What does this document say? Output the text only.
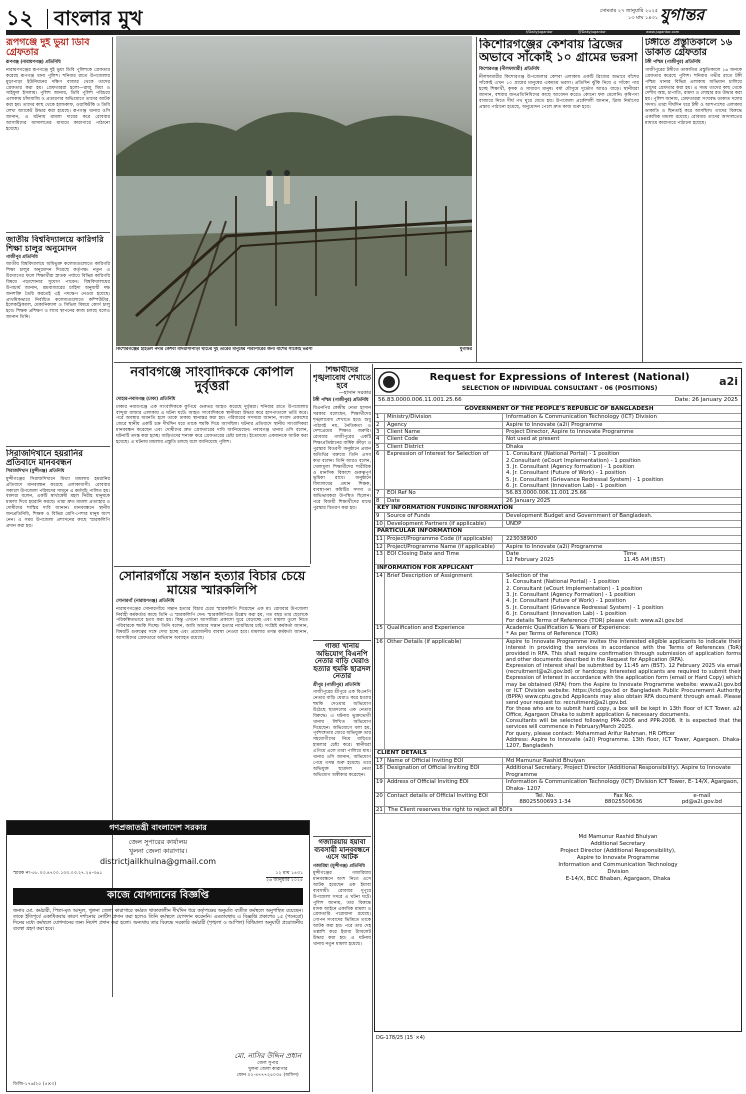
১২ বাংলার মুখ	সোমবার ২৭ জানুয়ারি ২০২৫
১৩ মাঘ ১৪৩১ যুগান্তর
f/DailyJugantor	@DailyJugantor	www.jugantor.com
রূপগঞ্জে দুই ভুয়া ডিবি গ্রেফতার
রূপগঞ্জ (নারায়ণগঞ্জ) প্রতিনিধি
নারায়ণগঞ্জের রূপগঞ্জে দুই ভুয়া ডিবি পুলিশকে গ্রেফতার করেছে রূপগঞ্জ থানা পুলিশ। শনিবার রাতে উপজেলার মুড়াপাড়া ইউনিয়নের দক্ষিণ বাজার থেকে তাদের গ্রেফতার করা হয়। গ্রেফতাররা হলো—রাজু মিয়া ও সাইফুল ইসলাম। পুলিশ জানায়, ডিবি পুলিশ পরিচয়ে এলাকায় চাঁদাবাজি ও প্রতারণার অভিযোগে তাদের আটক করা হয়। তাদের কাছ থেকে হ্যান্ডকাফ, ওয়াকিটকি ও ডিবি লেখা জ্যাকেট উদ্ধার করা হয়েছে। রূপগঞ্জ থানার ওসি জানান, এ ঘটনায় মামলা দায়ের করে রোববার আসামিদের আদালতের মাধ্যমে কারাগারে পাঠানো হয়েছে।
জাতীয় বিশ্ববিদ্যালয়ে কারিগরি শিক্ষা চালুর অনুমোদন
গাজীপুর প্রতিনিধি
জাতীয় বিশ্ববিদ্যালয়ে অধিভুক্ত কলেজগুলোতে কারিগরি শিক্ষা চালুর অনুমোদন দিয়েছে কর্তৃপক্ষ। নতুন এ উদ্যোগের ফলে শিক্ষার্থীরা স্নাতক পর্যায়ে বিভিন্ন কারিগরি বিষয়ে পড়াশোনার সুযোগ পাবেন। বিশ্ববিদ্যালয়ের উপাচার্য জানান, শ্রমবাজারের চাহিদা অনুযায়ী দক্ষ জনশক্তি তৈরি করতেই এই পদক্ষেপ নেওয়া হয়েছে। প্রাথমিকভাবে নির্বাচিত কলেজগুলোতে কম্পিউটার, ইলেকট্রিক্যাল, মেকানিক্যাল ও সিভিল বিষয়ে কোর্স চালু হবে। শিক্ষক প্রশিক্ষণ ও ল্যাব স্থাপনের কাজ চলছে বলেও জানান তিনি।
সিরাজদিখানে হয়রানির প্রতিবাদে মানববন্ধন
সিরাজদিখান (মুন্সীগঞ্জ) প্রতিনিধি
মুন্সীগঞ্জের সিরাজদিখানে মিথ্যা মামলায় হয়রানির প্রতিবাদে মানববন্ধন করেছে এলাকাবাসী। রোববার সকালে উপজেলা পরিষদের সামনে এ কর্মসূচি পালিত হয়। বক্তারা বলেন, একটি স্বার্থান্বেষী মহল নিরীহ মানুষকে মামলা দিয়ে হয়রানি করছে। তারা দ্রুত মামলা প্রত্যাহার ও দোষীদের শাস্তির দাবি জানান। মানববন্ধনে স্থানীয় জনপ্রতিনিধি, শিক্ষক ও বিভিন্ন শ্রেণি-পেশার মানুষ অংশ নেন। এ সময় উপজেলা প্রশাসনের কাছে স্মারকলিপি প্রদান করা হয়।
কিশোরগঞ্জের হাইডল নদীর কেশবা মাদরাসাপাড়া ঘাটের দুই তীরের মানুষের পারাপারের জন্য বাঁশের সাঁকোই ভরসা	যুগান্তর
কিশোরগঞ্জের কেশবায় ব্রিজের অভাবে সাঁকোই ১০ গ্রামের ভরসা
কিশোরগঞ্জ (নীলফামারী) প্রতিনিধি
নীলফামারীর কিশোরগঞ্জ উপজেলার কেশবা এলাকায় একটি ব্রিজের অভাবে বাঁশের সাঁকোই এখন ১০ গ্রামের মানুষের একমাত্র ভরসা। প্রতিদিন ঝুঁকি নিয়ে এ সাঁকো পার হচ্ছে শিক্ষার্থী, কৃষক ও সাধারণ মানুষ। বর্ষা মৌসুমে দুর্ভোগ আরও বাড়ে। স্থানীয়রা জানান, বহুবার জনপ্রতিনিধিদের কাছে আবেদন করেও কোনো ফল মেলেনি। কৃষিপণ্য বাজারে নিতে দীর্ঘ পথ ঘুরে যেতে হয়। উপজেলা প্রকৌশলী জানান, ব্রিজ নির্মাণের প্রস্তাব পাঠানো হয়েছে, অনুমোদন পেলে দ্রুত কাজ শুরু হবে।
টঙ্গীতে প্রস্তুতিকালে ১৬ ডাকাত গ্রেফতার
টঙ্গী পশ্চিম (গাজীপুর) প্রতিনিধি
গাজীপুরের টঙ্গীতে ডাকাতির প্রস্তুতিকালে ১৬ জনকে গ্রেফতার করেছে পুলিশ। শনিবার গভীর রাতে টঙ্গী পশ্চিম থানার বিভিন্ন এলাকায় অভিযান চালিয়ে তাদের গ্রেফতার করা হয়। এ সময় তাদের কাছ থেকে দেশীয় অস্ত্র, চাপাতি, রামদা ও লোহার রড উদ্ধার করা হয়। পুলিশ জানায়, গ্রেফতাররা সংঘবদ্ধ ডাকাত দলের সদস্য। তারা দীর্ঘদিন ধরে টঙ্গী ও আশপাশের এলাকায় ডাকাতি ও ছিনতাই করে আসছিল। তাদের বিরুদ্ধে একাধিক মামলা রয়েছে। রোববার তাদের আদালতের মাধ্যমে কারাগারে পাঠানো হয়েছে।
নবাবগঞ্জে সাংবাদিককে কোপাল দুর্বৃত্তরা
দোহার-নবাবগঞ্জ (ঢাকা) প্রতিনিধি
ঢাকার নবাবগঞ্জে এক সাংবাদিককে কুপিয়ে গুরুতর আহত করেছে দুর্বৃত্তরা। শনিবার রাতে উপজেলার বান্দুরা বাজার এলাকায় এ ঘটনা ঘটে। আহত সাংবাদিককে স্থানীয়রা উদ্ধার করে হাসপাতালে ভর্তি করে। পরে অবস্থার অবনতি হলে তাকে ঢাকায় স্থানান্তর করা হয়। পরিবারের সদস্যরা জানান, সংবাদ প্রকাশের জেরে স্থানীয় একটি চক্র দীর্ঘদিন ধরে তাকে হুমকি দিয়ে আসছিল। ঘটনার প্রতিবাদে স্থানীয় সাংবাদিকরা মানববন্ধন করেছেন এবং দোষীদের দ্রুত গ্রেফতারের দাবি জানিয়েছেন। নবাবগঞ্জ থানার ওসি বলেন, ঘটনাটি তদন্ত করা হচ্ছে। জড়িতদের শনাক্ত করে গ্রেফতারের চেষ্টা চলছে। ইতোমধ্যে একজনকে আটক করা হয়েছে। এ ঘটনায় মামলার প্রস্তুতি চলছে বলে জানিয়েছে পুলিশ।
শিক্ষার্থীদের শৃঙ্খলাবোধ শেখাতে হবে
—হাসান সরকার
টঙ্গী পশ্চিম (গাজীপুর) প্রতিনিধি
বিএনপির কেন্দ্রীয় নেতা হাসান সরকার বলেছেন, শিক্ষার্থীদের শৃঙ্খলাবোধ শেখাতে হবে। শুধু পাঠ্যবই নয়, নৈতিকতা ও দেশপ্রেমের শিক্ষাও জরুরি। রোববার গাজীপুরের একটি শিক্ষাপ্রতিষ্ঠানের বার্ষিক ক্রীড়া ও পুরস্কার বিতরণী অনুষ্ঠানে প্রধান অতিথির বক্তব্যে তিনি এসব কথা বলেন। তিনি আরও বলেন, খেলাধুলা শিক্ষার্থীদের শারীরিক ও মানসিক বিকাশে গুরুত্বপূর্ণ ভূমিকা রাখে। অনুষ্ঠানে বিদ্যালয়ের প্রধান শিক্ষক, ব্যবস্থাপনা কমিটির সদস্য ও অভিভাবকরা উপস্থিত ছিলেন। পরে বিজয়ী শিক্ষার্থীদের মাঝে পুরস্কার বিতরণ করা হয়।
গাজা খানায় অভিযোগ বিএনপি নেতার বাড়ি ঘেরাও হত্যার হুমকি ছাত্রদল নেতার
শ্রীপুর (গাজীপুর) প্রতিনিধি
গাজীপুরের শ্রীপুরে এক বিএনপি নেতার বাড়ি ঘেরাও করে হত্যার হুমকি দেওয়ার অভিযোগ উঠেছে ছাত্রদলের এক নেতার বিরুদ্ধে। এ ঘটনায় ভুক্তভোগী থানায় লিখিত অভিযোগ দিয়েছেন। অভিযোগে বলা হয়, পূর্বশত্রুতার জেরে অভিযুক্ত তার সহযোগীদের নিয়ে বাড়িতে হামলার চেষ্টা করে। স্থানীয়রা এগিয়ে এলে তারা পালিয়ে যায়। থানার ওসি জানান, অভিযোগ পেয়ে তদন্ত শুরু হয়েছে। তবে অভিযুক্ত ছাত্রদল নেতা অভিযোগ অস্বীকার করেছেন।
গজারিয়ায় ইয়াবা ব্যবসায়ী মানববন্ধনে এসে আটক
গজারিয়া (মুন্সীগঞ্জ) প্রতিনিধি
মুন্সীগঞ্জের গজারিয়ায় মানববন্ধনে অংশ নিতে এসে আটক হয়েছেন এক ইয়াবা ব্যবসায়ী। রোববার দুপুরে উপজেলা সদরে এ ঘটনা ঘটে। পুলিশ জানায়, তার বিরুদ্ধে মাদক আইনে একাধিক মামলা ও গ্রেফতারি পরোয়ানা রয়েছে। গোপন সংবাদের ভিত্তিতে তাকে আটক করা হয়। পরে তার দেহ তল্লাশি করে ইয়াবা ট্যাবলেট উদ্ধার করা হয়। এ ঘটনায় থানায় নতুন মামলা হয়েছে।
সোনারগাঁয়ে সন্তান হত্যার বিচার চেয়ে মায়ের স্মারকলিপি
সোনারগাঁ (নারায়ণগঞ্জ) প্রতিনিধি
নারায়ণগঞ্জের সোনারগাঁয়ে সন্তান হত্যার বিচার চেয়ে স্মারকলিপি দিয়েছেন এক মা। রোববার উপজেলা নির্বাহী কর্মকর্তার কাছে তিনি এ স্মারকলিপি দেন। স্মারকলিপিতে উল্লেখ করা হয়, গত বছর তার ছেলেকে পরিকল্পিতভাবে হত্যা করা হয়। কিন্তু এখনো আসামিরা প্রকাশ্যে ঘুরে বেড়াচ্ছে এবং মামলা তুলে নিতে পরিবারকে হুমকি দিচ্ছে। তিনি বলেন, আমি আমার সন্তান হত্যার ন্যায়বিচার চাই। সংশ্লিষ্ট কর্মকর্তা জানান, বিষয়টি গুরুত্বের সঙ্গে দেখা হচ্ছে এবং প্রয়োজনীয় ব্যবস্থা নেওয়া হবে। মামলার তদন্ত কর্মকর্তা জানান, আসামিদের গ্রেফতারে অভিযান অব্যাহত রয়েছে।
গণপ্রজাতন্ত্রী বাংলাদেশ সরকার
জেল সুপারের কার্যালয়
খুলনা জেলা কারাগার।
districtjailkhulna@gmail.com
স্মারক নং-৫৮.০৩.৪৭০০.১৩৩.০৩.২৭.২৪-৩৬১	১২ মাঘ ১৪৩১
২৬ জানুয়ারি ২০২৫
কাজে যোগদানের বিজ্ঞপ্তি
জনাব মো. কর্মচারী, পিতা-মৃত আব্দুল, খুলনা জেলা কারাগারে কর্মরত থাকাকালীন দীর্ঘদিন ধরে কর্তৃপক্ষের অনুমতি ব্যতীত কর্মস্থলে অনুপস্থিত রয়েছেন। তাকে ইতিপূর্বে একাধিকবার কারণ দর্শানোর নোটিশ প্রদান করা হলেও তিনি কর্মস্থলে যোগদান করেননি। এমতাবস্থায় এ বিজ্ঞপ্তি প্রকাশের ১৫ (পনেরো) দিনের মধ্যে কর্মস্থলে যোগদানের জন্য নির্দেশ প্রদান করা হলো। অন্যথায় তার বিরুদ্ধে সরকারি কর্মচারী (শৃঙ্খলা ও আপিল) বিধিমালা অনুযায়ী প্রয়োজনীয় ব্যবস্থা গ্রহণ করা হবে।
মো. নাসির উদ্দিন প্রধান
জেল সুপার
খুলনা জেলা কারাগার
ফোন ০২-৪৭৭৭২৫০৩৫ (অফিস)
ডিজি-১৭৬/২৫ (৫×৩)
Request for Expressions of Interest (National)
SELECTION OF INDIVIDUAL CONSULTANT - 06 (POSITIONS)
a2i
56.83.0000.006.11.001.25.66	Date: 26 January 2025
GOVERNMENT OF THE PEOPLE'S REPUBLIC OF BANGLADESH
1	Ministry/Division	Information & Communication Technology (ICT) Division
2	Agency	Aspire to Innovate (a2i) Programme
3	Client Name	Project Director, Aspire to Innovate Programme
4	Client Code	Not used at present
5	Client District	Dhaka
6	Expression of Interest for Selection of	1. Consultant (National Portal) - 1 position
2.Consultant (eCourt Implementation) - 1 position
3. Jr. Consultant (Agency formation) - 1 position
4. Jr. Consultant (Future of Work) - 1 position
5. Jr. Consultant (Grievance Redressal System) - 1 position
6. Jr. Consultant (Innovation Lab) - 1 position
7	EOI Ref No	56.83.0000.006.11.001.25.66
8	Date	26 January 2025
KEY INFORMATION FUNDING INFORMATION
9	Source of Funds	Development Budget and Government of Bangladesh.
10 Development Partners (if applicable)	UNDP
PARTICULAR INFORMATION
11 Project/Programme Code (if applicable)	223038900
12 Project/Programme Name (if applicable)	Aspire to Innovate (a2i) Programme
13 EOI Closing Date and Time	Date	Time
12 February 2025	11.45 AM (BST)
INFORMATION FOR APPLICANT
14 Brief Description of Assignment	Selection of the
1. Consultant (National Portal) - 1 position
2. Consultant (eCourt Implementation) - 1 position
3. Jr. Consultant (Agency Formation) - 1 position
4. Jr. Consultant (Future of Work) - 1 position
5. Jr. Consultant (Grievance Redressal System) - 1 position
6. Jr. Consultant (Innovation Lab) - 1 position
For details Terms of Reference (TOR) please visit: www.a2i.gov.bd
15 Qualification and Experience	Academic Qualification & Years of Experience:
* As per Terms of Reference (TOR)
16 Other Details (if applicable)	Aspire to Innovate Programme invites the interested eligible applicants to indicate their interest in providing the services in accordance with the Terms of References (ToR) provided in RFA. This shall require confirmation through submission of application forms and other documents described in the Request for Application (RFA).

Expression of interest shall be submitted by 11:45 am (BST). 12 February 2025 via email (recruitment@a2i.gov.bd) or hardcopy. Interested applicants are required to submit their Expression of Interest in accordance with the application form (email or Hard Copy) which may be obtained (RFA) from the Aspire to Innovate Programme website: www.a2i.gov.bd or ICT Division website: https://ictd.gov.bd or Bangladesh Public Procurement Authority (BPPA) www.cptu.gov.bd Applicants may also obtain RFA document through email. Please send your request to: recruitment@a2i.gov.bd.

For those who are to submit hard copy, a box will be kept in 13th floor of ICT Tower. a2i Office, Agargaon Dhaka to submit application & necessary documents.

Consultants will be selected following PPA-2006 and PPR-2008. It is expected that the services will commence in February/March 2025.

For query, please contact: Mohammad Arifur Rahman. HR Officer

Address: Aspire to Innovate (a2i) Programme. 13th floor, ICT Tower, Agargaon. Dhaka-1207, Bangladesh

CLIENT DETAILS
17 Name of Official Inviting EOI	Md Mamunur Rashid Bhuiyan
18 Designation of Official Inviting EOI	Additional Secretary, Project Director (Additional Responsibility). Aspire to Innovate Programme
19 Address of Official Inviting EOI	Information & Communication Technology (ICT) Division ICT Tower, E- 14/X, Agargaon, Dhaka- 1207
20 Contact details of Official Inviting EOI	Tel. No.	Fax No.	e-mail
88025500693 1-34	88025500636	pd@a2i.gov.bd
21 The Client reserves the right to reject all EOI's
Md Mamunur Rashid Bhuiyan
Additional Secretary
Project Director (Additional Responsibility),
Aspire to Innovate Programme
Information and Communication Technology
Division
E-14/X, BCC Bhaban, Agargaon, Dhaka
DG-178/25 (15´×4)
